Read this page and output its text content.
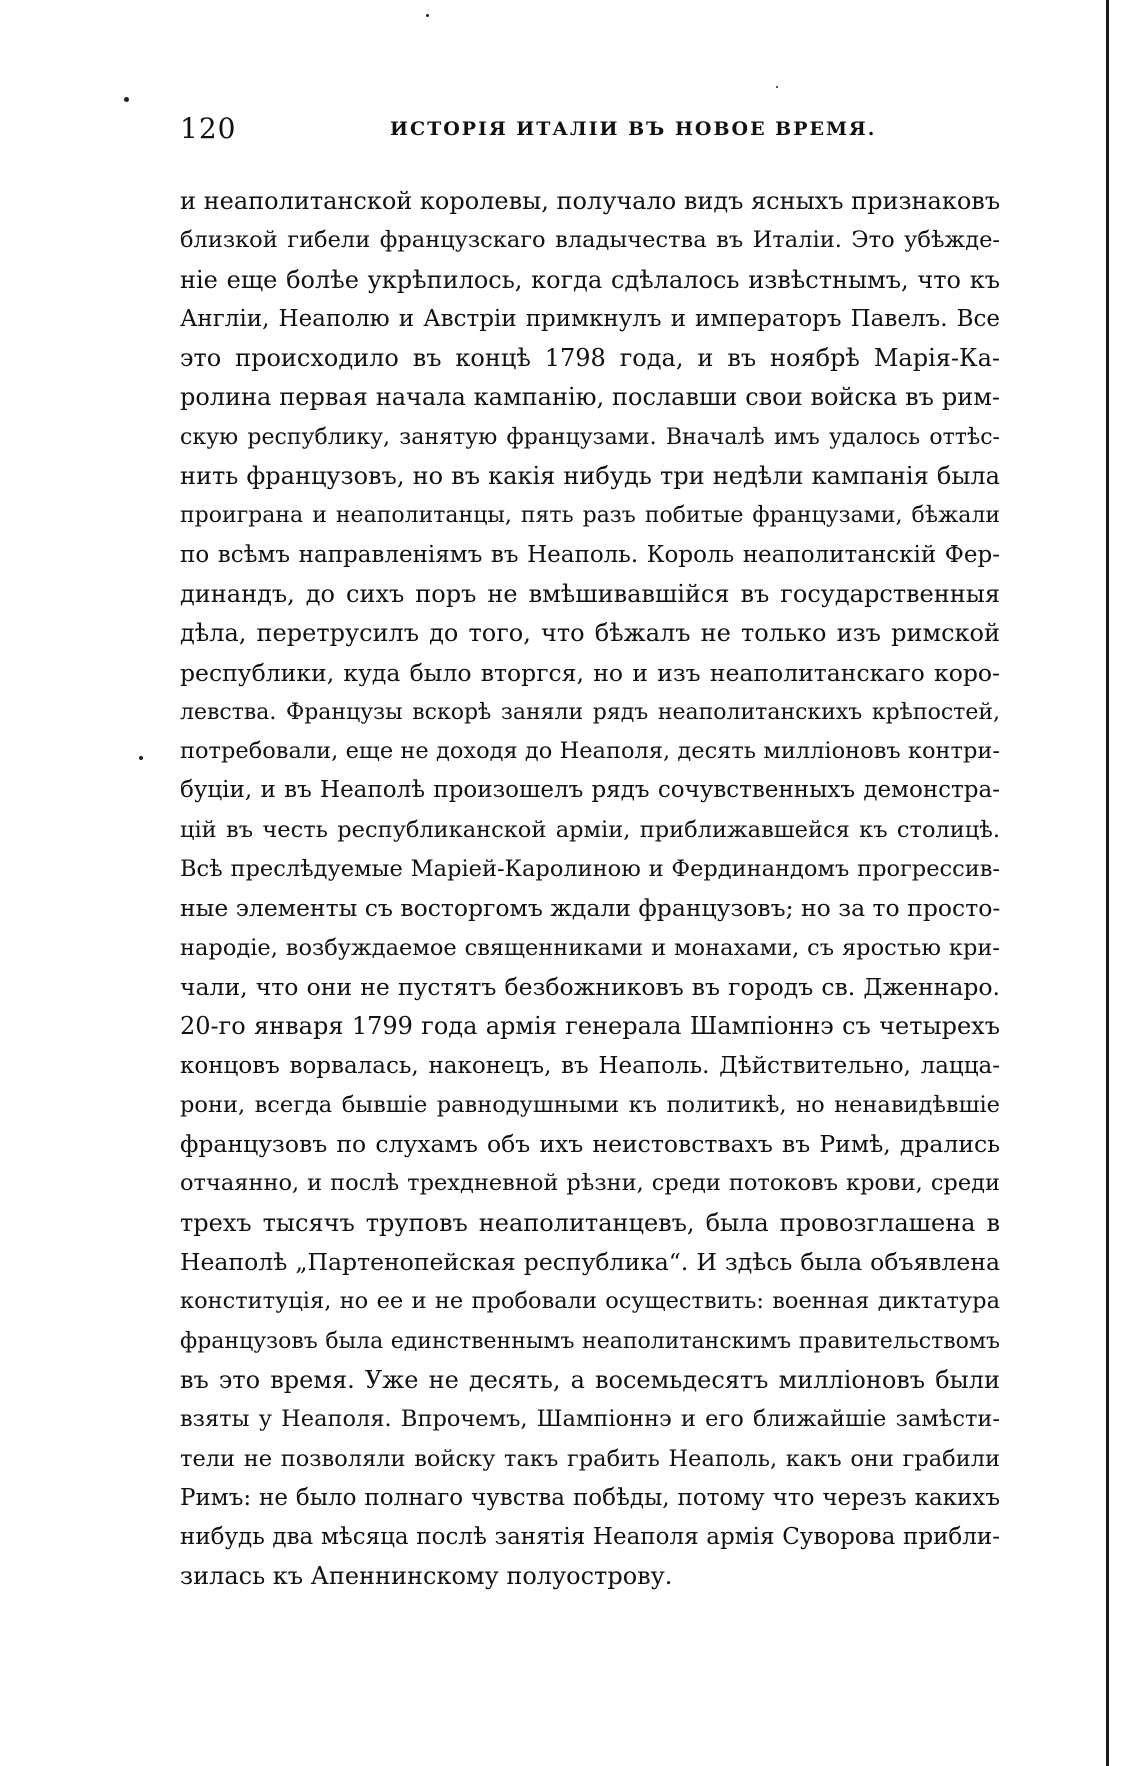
120	ИСТОРІЯ ИТАЛІИ ВЪ НОВОЕ ВРЕМЯ.
и неаполитанской королевы, получало видъ ясныхъ признаковъ
близкой гибели французскаго владычества въ Италіи. Это убѣжде-
ніе еще болѣе укрѣпилось, когда сдѣлалось извѣстнымъ, что къ
Англіи, Неаполю и Австріи примкнулъ и императоръ Павелъ. Все
это происходило въ концѣ 1798 года, и въ ноябрѣ Марія-Ка-
ролина первая начала кампанію, пославши свои войска въ рим-
скую республику, занятую французами. Вначалѣ имъ удалось оттѣс-
нить французовъ, но въ какія нибудь три недѣли кампанія была
проиграна и неаполитанцы, пять разъ побитые французами, бѣжали
по всѣмъ направленіямъ въ Неаполь. Король неаполитанскій Фер-
динандъ, до сихъ поръ не вмѣшивавшійся въ государственныя
дѣла, перетрусилъ до того, что бѣжалъ не только изъ римской
республики, куда было вторгся, но и изъ неаполитанскаго коро-
левства. Французы вскорѣ заняли рядъ неаполитанскихъ крѣпостей,
потребовали, еще не доходя до Неаполя, десять милліоновъ контри-
буціи, и въ Неаполѣ произошелъ рядъ сочувственныхъ демонстра-
цій въ честь республиканской арміи, приближавшейся къ столицѣ.
Всѣ преслѣдуемые Маріей-Каролиною и Фердинандомъ прогрессив-
ные элементы съ восторгомъ ждали французовъ; но за то просто-
народіе, возбуждаемое священниками и монахами, съ яростью кри-
чали, что они не пустятъ безбожниковъ въ городъ св. Дженнаро.
20-го января 1799 года армія генерала Шампіоннэ съ четырехъ
концовъ ворвалась, наконецъ, въ Неаполь. Дѣйствительно, лацца-
рони, всегда бывшіе равнодушными къ политикѣ, но ненавидѣвшіе
французовъ по слухамъ объ ихъ неистовствахъ въ Римѣ, дрались
отчаянно, и послѣ трехдневной рѣзни, среди потоковъ крови, среди
трехъ тысячъ труповъ неаполитанцевъ, была провозглашена в
Неаполѣ „Партенопейская республика“. И здѣсь была объявлена
конституція, но ее и не пробовали осуществить: военная диктатура
французовъ была единственнымъ неаполитанскимъ правительствомъ
въ это время. Уже не десять, а восемьдесятъ милліоновъ были
взяты у Неаполя. Впрочемъ, Шампіоннэ и его ближайшіе замѣсти-
тели не позволяли войску такъ грабить Неаполь, какъ они грабили
Римъ: не было полнаго чувства побѣды, потому что черезъ какихъ
нибудь два мѣсяца послѣ занятія Неаполя армія Суворова прибли-
зилась къ Апеннинскому полуострову.
